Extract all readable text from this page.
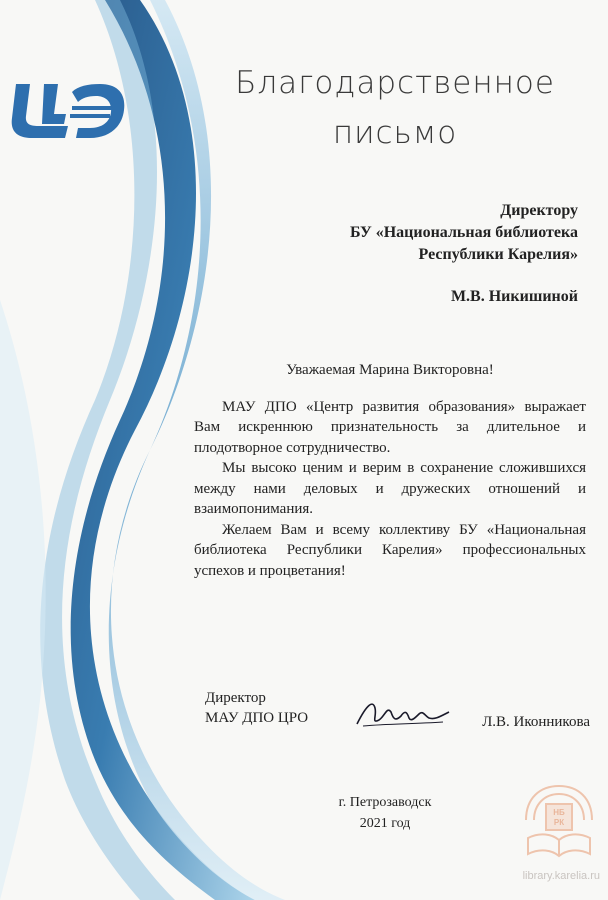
Благодарственное
письмо
Директору
БУ «Национальная библиотека
Республики Карелия»
М.В. Никишиной
Уважаемая Марина Викторовна!
МАУ ДПО «Центр развития образования» выражает Вам искреннюю признательность за длительное и плодотворное сотрудничество.
Мы высоко ценим и верим в сохранение сложившихся между нами деловых и дружеских отношений и взаимопонимания.
Желаем Вам и всему коллективу БУ «Национальная библиотека Республики Карелия» профессиональных успехов и процветания!
Директор
МАУ ДПО ЦРО	Л.В. Иконникова
г. Петрозаводск
2021 год
НБ
РК
library.karelia.ru
